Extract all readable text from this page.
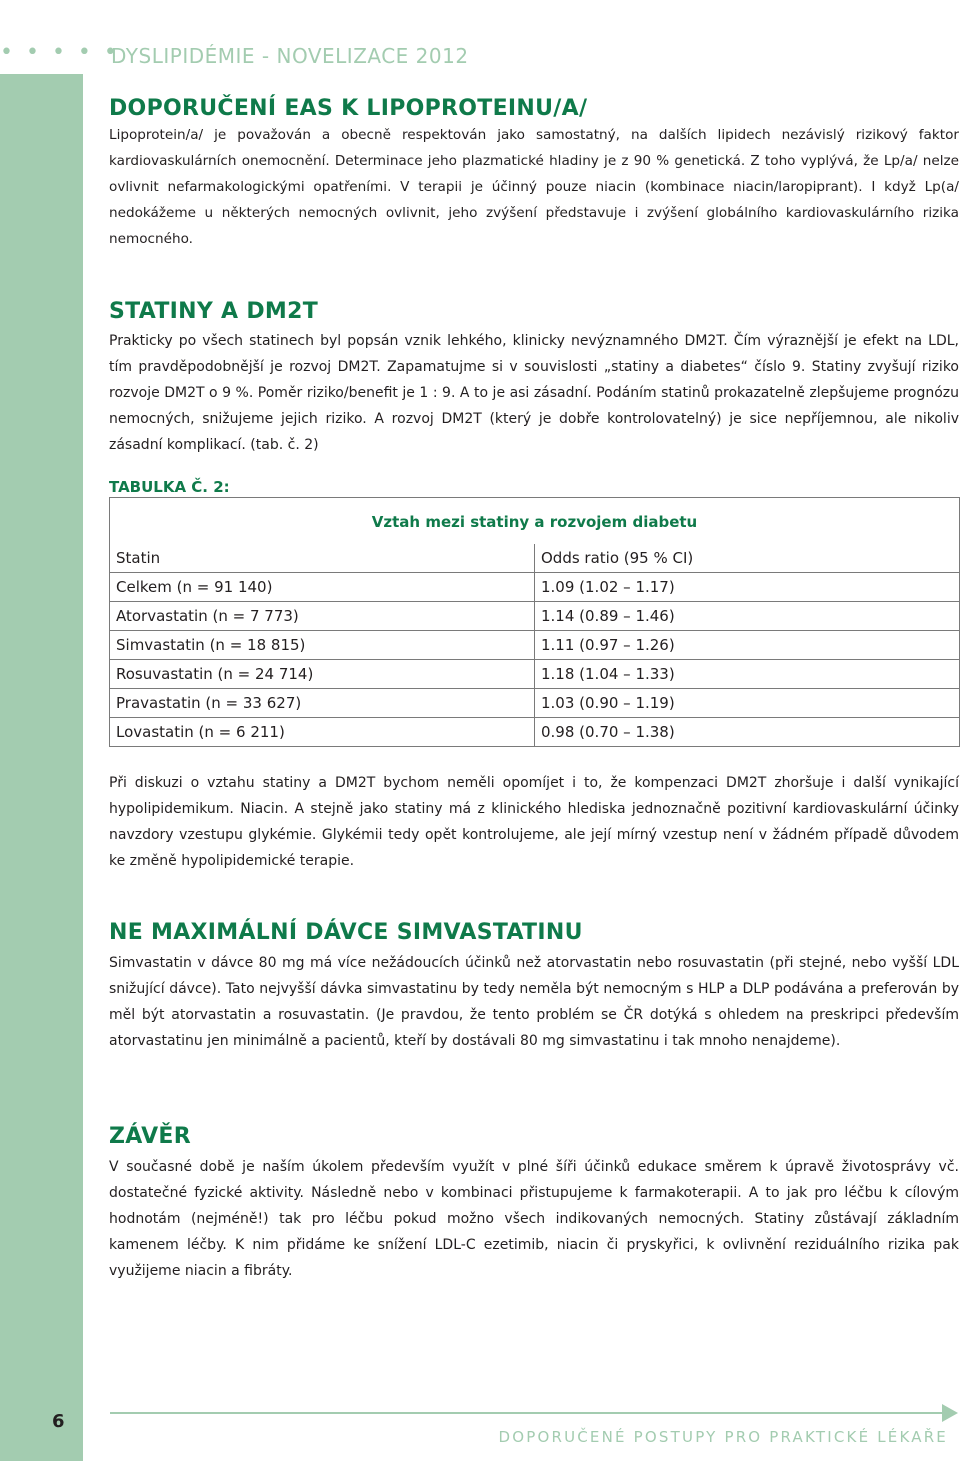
• • • • •
DYSLIPIDÉMIE - NOVELIZACE 2012
DOPORUČENÍ EAS K LIPOPROTEINU/A/

Lipoprotein/a/ je považován a obecně respektován jako samostatný, na dalších lipidech nezávislý rizikový faktor kardiovaskulárních onemocnění. Determinace jeho plazmatické hladiny je z 90 % genetická. Z toho vyplývá, že Lp/a/ nelze ovlivnit nefarmakologickými opatřeními. V terapii je účinný pouze niacin (kombinace niacin/laropiprant). I když Lp(a/ nedokážeme u některých nemocných ovlivnit, jeho zvýšení představuje i zvýšení globálního kardiovaskulárního rizika nemocného.

STATINY A DM2T

Prakticky po všech statinech byl popsán vznik lehkého, klinicky nevýznamného DM2T. Čím výraznější je efekt na LDL, tím pravděpodobnější je rozvoj DM2T. Zapamatujme si v souvislosti „statiny a diabetes“ číslo 9. Statiny zvyšují riziko rozvoje DM2T o 9 %. Poměr riziko/benefit je 1 : 9. A to je asi zásadní. Podáním statinů prokazatelně zlepšujeme prognózu nemocných, snižujeme jejich riziko. A rozvoj DM2T (který je dobře kontrolovatelný) je sice nepříjemnou, ale nikoliv zásadní komplikací. (tab. č. 2)

TABULKA Č. 2:
Vztah mezi statiny a rozvojem diabetu	
Statin	Odds ratio (95 % CI)
Celkem (n = 91 140)	1.09 (1.02 – 1.17)
Atorvastatin (n = 7 773)	1.14 (0.89 – 1.46)
Simvastatin (n = 18 815)	1.11 (0.97 – 1.26)
Rosuvastatin (n = 24 714)	1.18 (1.04 – 1.33)
Pravastatin (n = 33 627)	1.03 (0.90 – 1.19)
Lovastatin (n = 6 211)	0.98 (0.70 – 1.38)

Při diskuzi o vztahu statiny a DM2T bychom neměli opomíjet i to, že kompenzaci DM2T zhoršuje i další vynikající hypolipidemikum. Niacin. A stejně jako statiny má z klinického hlediska jednoznačně pozitivní kardiovaskulární účinky navzdory vzestupu glykémie. Glykémii tedy opět kontrolujeme, ale její mírný vzestup není v žádném případě důvodem ke změně hypolipidemické terapie.

NE MAXIMÁLNÍ DÁVCE SIMVASTATINU

Simvastatin v dávce 80 mg má více nežádoucích účinků než atorvastatin nebo rosuvastatin (při stejné, nebo vyšší LDL snižující dávce). Tato nejvyšší dávka simvastatinu by tedy neměla být nemocným s HLP a DLP podávána a preferován by měl být atorvastatin a rosuvastatin. (Je pravdou, že tento problém se ČR dotýká s ohledem na preskripci především atorvastatinu jen minimálně a pacientů, kteří by dostávali 80 mg simvastatinu i tak mnoho nenajdeme).

ZÁVĚR

V současné době je naším úkolem především využít v plné šíři účinků edukace směrem k úpravě životosprávy vč. dostatečné fyzické aktivity. Následně nebo v kombinaci přistupujeme k farmakoterapii. A to jak pro léčbu k cílovým hodnotám (nejméně!) tak pro léčbu pokud možno všech indikovaných nemocných. Statiny zůstávají základním kamenem léčby. K nim přidáme ke snížení LDL-C ezetimib, niacin či pryskyřici, k ovlivnění reziduálního rizika pak využijeme niacin a fibráty.

6
DOPORUČENÉ POSTUPY PRO PRAKTICKÉ LÉKAŘE
